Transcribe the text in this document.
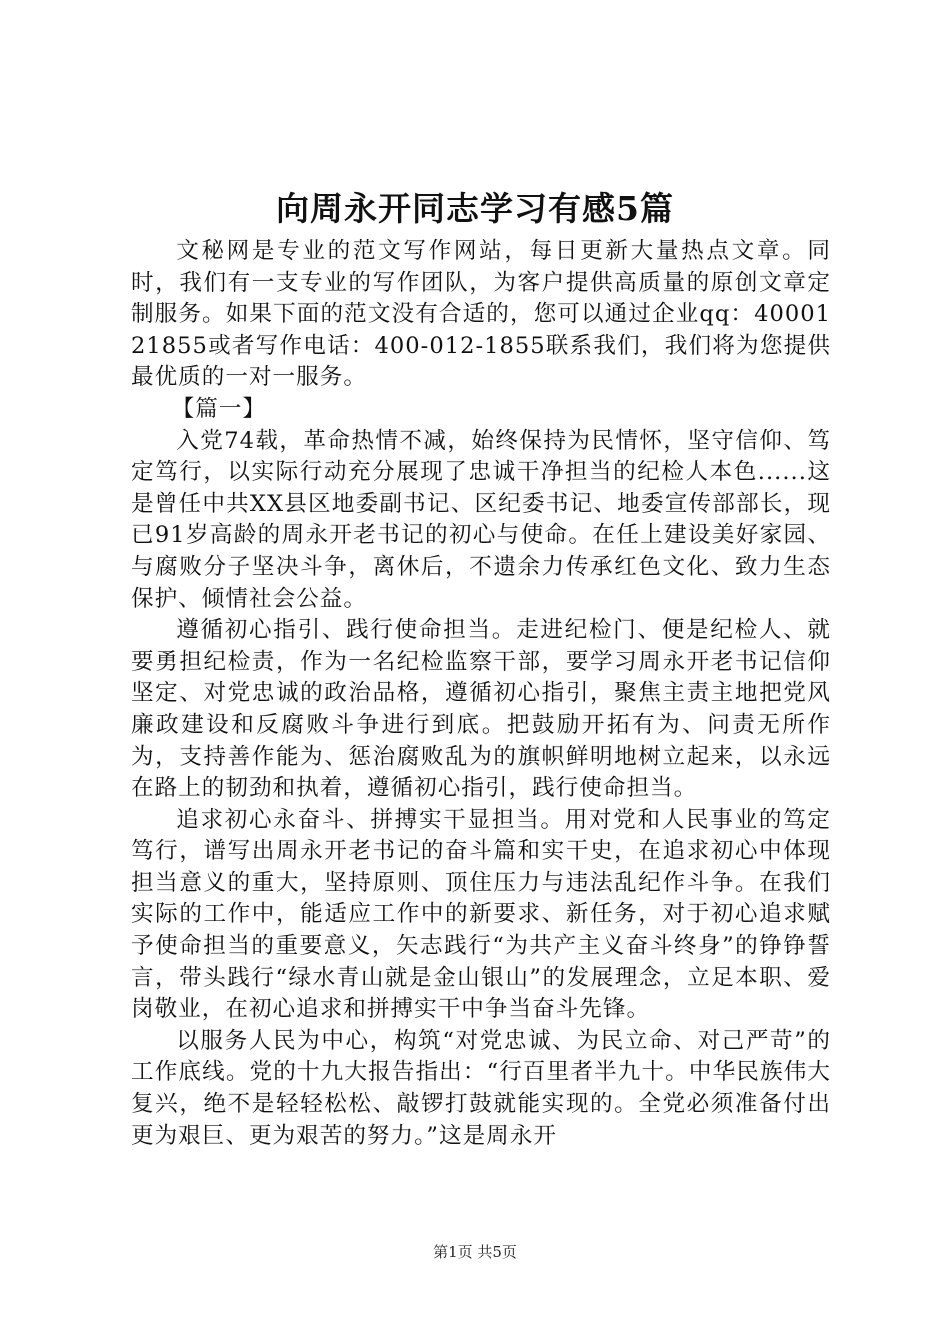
向周永开同志学习有感5篇

文秘网是专业的范文写作网站，每日更新大量热点文章。同时，我们有一支专业的写作团队，为客户提供高质量的原创文章定制服务。如果下面的范文没有合适的，您可以通过企业qq：4000121855或者写作电话：400-012-1855联系我们，我们将为您提供最优质的一对一服务。

【篇一】

入党74载，革命热情不减，始终保持为民情怀，坚守信仰、笃定笃行，以实际行动充分展现了忠诚干净担当的纪检人本色......这是曾任中共XX县区地委副书记、区纪委书记、地委宣传部部长，现已91岁高龄的周永开老书记的初心与使命。在任上建设美好家园、与腐败分子坚决斗争，离休后，不遗余力传承红色文化、致力生态保护、倾情社会公益。

遵循初心指引、践行使命担当。走进纪检门、便是纪检人、就要勇担纪检责，作为一名纪检监察干部，要学习周永开老书记信仰坚定、对党忠诚的政治品格，遵循初心指引，聚焦主责主地把党风廉政建设和反腐败斗争进行到底。把鼓励开拓有为、问责无所作为，支持善作能为、惩治腐败乱为的旗帜鲜明地树立起来，以永远在路上的韧劲和执着，遵循初心指引，践行使命担当。

追求初心永奋斗、拼搏实干显担当。用对党和人民事业的笃定笃行，谱写出周永开老书记的奋斗篇和实干史，在追求初心中体现担当意义的重大，坚持原则、顶住压力与违法乱纪作斗争。在我们实际的工作中，能适应工作中的新要求、新任务，对于初心追求赋予使命担当的重要意义，矢志践行“为共产主义奋斗终身”的铮铮誓言，带头践行“绿水青山就是金山银山”的发展理念，立足本职、爱岗敬业，在初心追求和拼搏实干中争当奋斗先锋。

以服务人民为中心，构筑“对党忠诚、为民立命、对己严苛”的工作底线。党的十九大报告指出：“行百里者半九十。中华民族伟大复兴，绝不是轻轻松松、敲锣打鼓就能实现的。全党必须准备付出更为艰巨、更为艰苦的努力。”这是周永开

第1页 共5页
